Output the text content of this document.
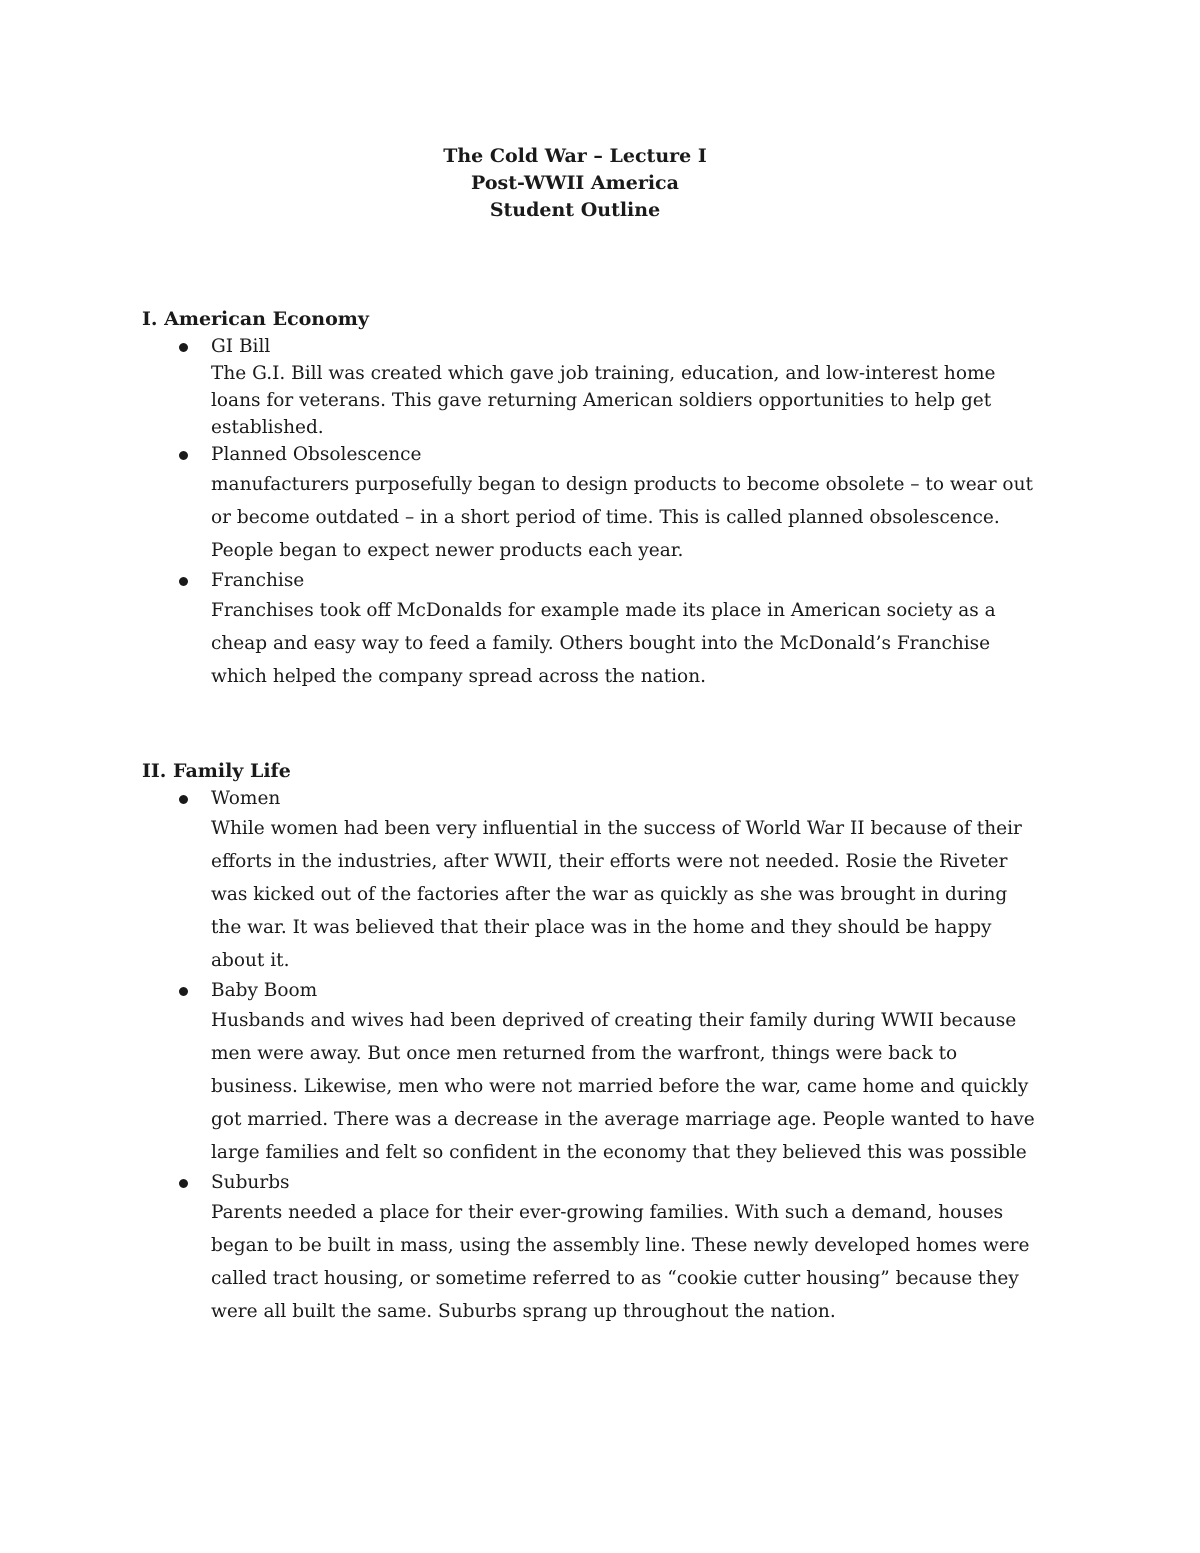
The Cold War – Lecture I
Post-WWII America
Student Outline
I. American Economy
GI Bill
The G.I. Bill was created which gave job training, education, and low-interest home loans for veterans. This gave returning American soldiers opportunities to help get established.
Planned Obsolescence
manufacturers purposefully began to design products to become obsolete – to wear out or become outdated – in a short period of time. This is called planned obsolescence. People began to expect newer products each year.
Franchise
Franchises took off McDonalds for example made its place in American society as a cheap and easy way to feed a family. Others bought into the McDonald’s Franchise which helped the company spread across the nation.
II. Family Life
Women
While women had been very influential in the success of World War II because of their efforts in the industries, after WWII, their efforts were not needed. Rosie the Riveter was kicked out of the factories after the war as quickly as she was brought in during the war. It was believed that their place was in the home and they should be happy about it.
Baby Boom
Husbands and wives had been deprived of creating their family during WWII because men were away. But once men returned from the warfront, things were back to business. Likewise, men who were not married before the war, came home and quickly got married. There was a decrease in the average marriage age. People wanted to have large families and felt so confident in the economy that they believed this was possible
Suburbs
Parents needed a place for their ever-growing families. With such a demand, houses began to be built in mass, using the assembly line. These newly developed homes were called tract housing, or sometime referred to as “cookie cutter housing” because they were all built the same. Suburbs sprang up throughout the nation.
